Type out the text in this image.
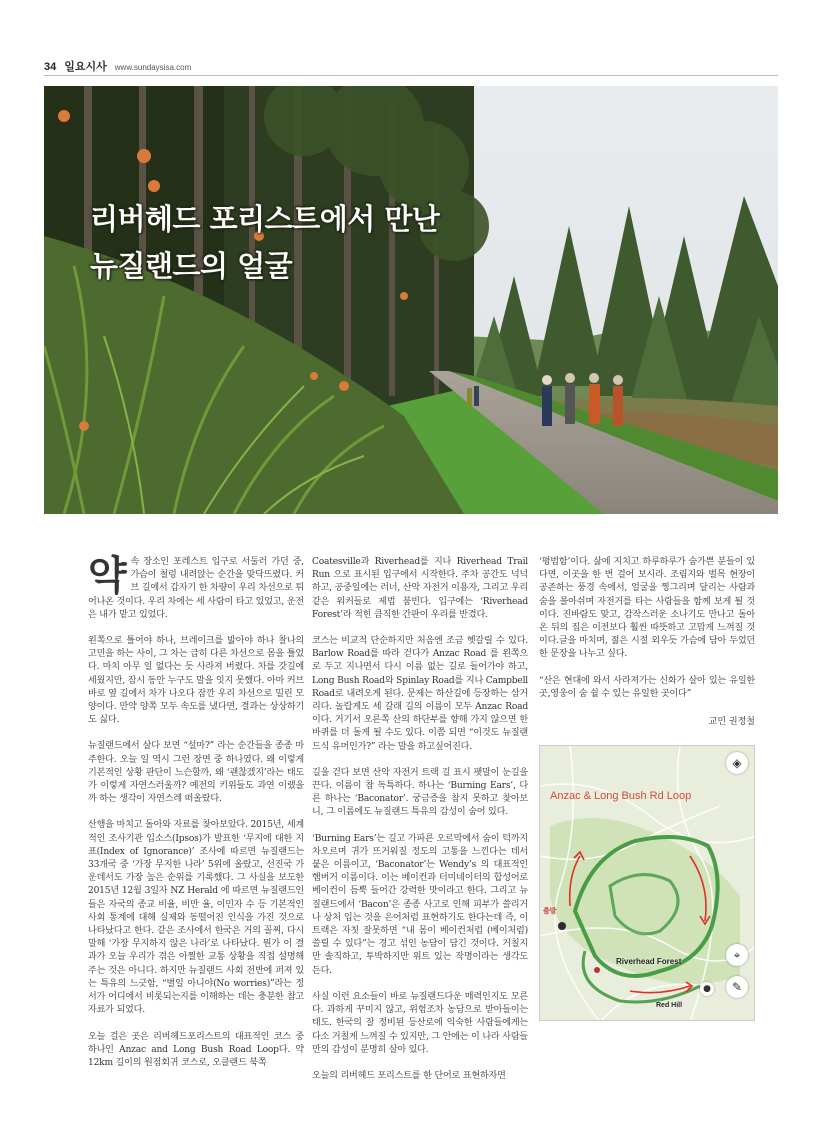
34 일요시사 www.sundaysisa.com
리버헤드 포리스트에서 만난
뉴질랜드의 얼굴

약속 장소인 포레스트 입구로 서둘러 가던 중, 가슴이 철렁 내려앉는 순간을 맞닥뜨렸다. 커브 길에서 갑자기 한 차량이 우리 차선으로 튀어나온 것이다. 우리 차에는 세 사람이 타고 있었고, 운전은 내가 맡고 있었다.

왼쪽으로 틀어야 하나, 브레이크를 밟아야 하나 찰나의 고민을 하는 사이, 그 차는 급히 다른 차선으로 몸을 틀었다. 마치 아무 일 없다는 듯 사라져 버렸다. 차를 갓길에 세웠지만, 잠시 동안 누구도 말을 잇지 못했다. 아마 커브 바로 옆 길에서 차가 나오다 잠깐 우리 차선으로 밀린 모양이다. 만약 양쪽 모두 속도를 냈다면, 결과는 상상하기도 싫다.

뉴질랜드에서 살다 보면 “설마?” 라는 순간들을 종종 마주한다. 오늘 일 역시 그런 장면 중 하나였다. 왜 이렇게 기본적인 상황 판단이 느슨할까, 왜 ‘괜찮겠지’라는 태도가 이렇게 자연스러울까? 예전의 키위들도 과연 이랬을까 하는 생각이 자연스레 떠올랐다.

산행을 마치고 돌아와 자료를 찾아보았다. 2015년, 세계적인 조사기관 입소스(Ipsos)가 발표한 ‘무지에 대한 지표(Index of Ignorance)’ 조사에 따르면 뉴질랜드는 33개국 중 ‘가장 무지한 나라’ 5위에 올랐고, 선진국 가운데서도 가장 높은 순위를 기록했다. 그 사실을 보도한 2015년 12월 3일자 NZ Herald 에 따르면 뉴질랜드인들은 자국의 종교 비율, 비만 율, 이민자 수 등 기본적인 사회 통계에 대해 실제와 동떨어진 인식을 가진 것으로 나타났다고 한다. 같은 조사에서 한국은 거의 꼴찌, 다시 말해 ‘가장 무지하지 않은 나라’로 나타났다. 뭔가 이 결과가 오늘 우리가 겪은 아찔한 교통 상황을 직접 설명해 주는 것은 아니다. 하지만 뉴질랜드 사회 전반에 퍼져 있는 특유의 느긋함, “별일 아니야(No worries)”라는 정서가 어디에서 비롯되는지를 이해하는 데는 충분한 참고 자료가 되었다.

오늘 걸은 곳은 리버헤드포리스트의 대표적인 코스 중 하나인 Anzac and Long Bush Road Loop다. 약 12km 길이의 원점회귀 코스로, 오클랜드 북쪽

Coatesville과 Riverhead를 지나 Riverhead Trail Run 으로 표시된 입구에서 시작한다. 주차 공간도 넉넉하고, 공중일에는 러너, 산악 자전거 이용자, 그리고 우리 같은 워커들로 제법 붐빈다. 입구에는 ‘Riverhead Forest’라 적힌 큼직한 간판이 우리를 반겼다.

코스는 비교적 단순하지만 처음엔 조금 헷갈릴 수 있다. Barlow Road를 따라 걷다가 Anzac Road 를 왼쪽으로 두고 지나면서 다시 이름 없는 길로 들어가야 하고, Long Bush Road와 Spinlay Road를 지나 Campbell Road로 내려오게 된다. 문제는 하산길에 등장하는 삼거리다. 놀랍게도 세 갈래 길의 이름이 모두 Anzac Road 이다. 거기서 오른쪽 산의 하단부를 향해 가지 않으면 한 바퀴를 더 돌게 될 수도 있다. 이쯤 되면 “이것도 뉴질랜드식 유머인가?” 라는 말을 하고싶어진다.

길을 걷다 보면 산악 자전거 트랙 길 표시 팻말이 눈길을 끈다. 이름이 참 독특하다. 하나는 ‘Burning Ears’, 다른 하나는 ‘Baconator’. 궁금증을 참지 못하고 찾아보니, 그 이름에도 뉴질랜드 특유의 감성이 숨어 있다.

‘Burning Ears’는 길고 가파른 오르막에서 숨이 턱까지 차오르며 귀가 뜨거워질 정도의 고통을 느낀다는 데서 붙은 이름이고, ‘Baconator’는 Wendy’s 의 대표적인 햄버거 이름이다. 이는 베이컨과 터미네이터의 합성어로 베이컨이 듬뿍 들어간 강력한 맛이라고 한다. 그리고 뉴질랜드에서 ‘Bacon’은 종종 사고로 인해 피부가 쓸리거나 상처 입는 것을 은어처럼 표현하기도 한다는데 즉, 이 트랙은 자칫 잘못하면 “내 몸이 베이컨처럼 (베이처럼) 쓸릴 수 있다”는 경고 섞인 농담이 담긴 것이다. 거칠지만 솔직하고, 투박하지만 위트 있는 작명이라는 생각도 든다.

사실 이런 요소들이 바로 뉴질랜드다운 매력인지도 모른다. 과하게 꾸미지 않고, 위험조차 농담으로 받아들이는 태도. 한국의 잘 정비된 등산로에 익숙한 사람들에게는 다소 거칠게 느껴질 수 있지만, 그 안에는 이 나라 사람들만의 감성이 분명히 살아 있다.

오늘의 리버헤드 포리스트를 한 단어로 표현하자면

‘평범함’이다. 삶에 지치고 하루하루가 숨가쁜 분들이 있다면, 이곳을 한 번 걸어 보시라. 조림지와 벌목 현장이 공존하는 풍경 속에서, 얼굴을 찡그리며 달리는 사람과 숨을 몰아쉬며 자전거를 타는 사람들을 함께 보게 될 것이다. 진바람도 맞고, 감작스러운 소나기도 만나고 돌아온 뒤의 집은 이전보다 훨씬 따뜻하고 고맙게 느껴질 것이다.글을 마치며, 젊은 시절 외우듯 가슴에 담아 두었던 한 문장을 나누고 싶다.

“산은 현대에 와서 사라져가는 신화가 살아 있는 유일한 곳,영웅이 숨 쉴 수 있는 유일한 곳이다”

교민 권정철
Anzac & Long Bush Rd Loop
출발
Riverhead Forest
Red Hill
◈
⌖
✎
●
